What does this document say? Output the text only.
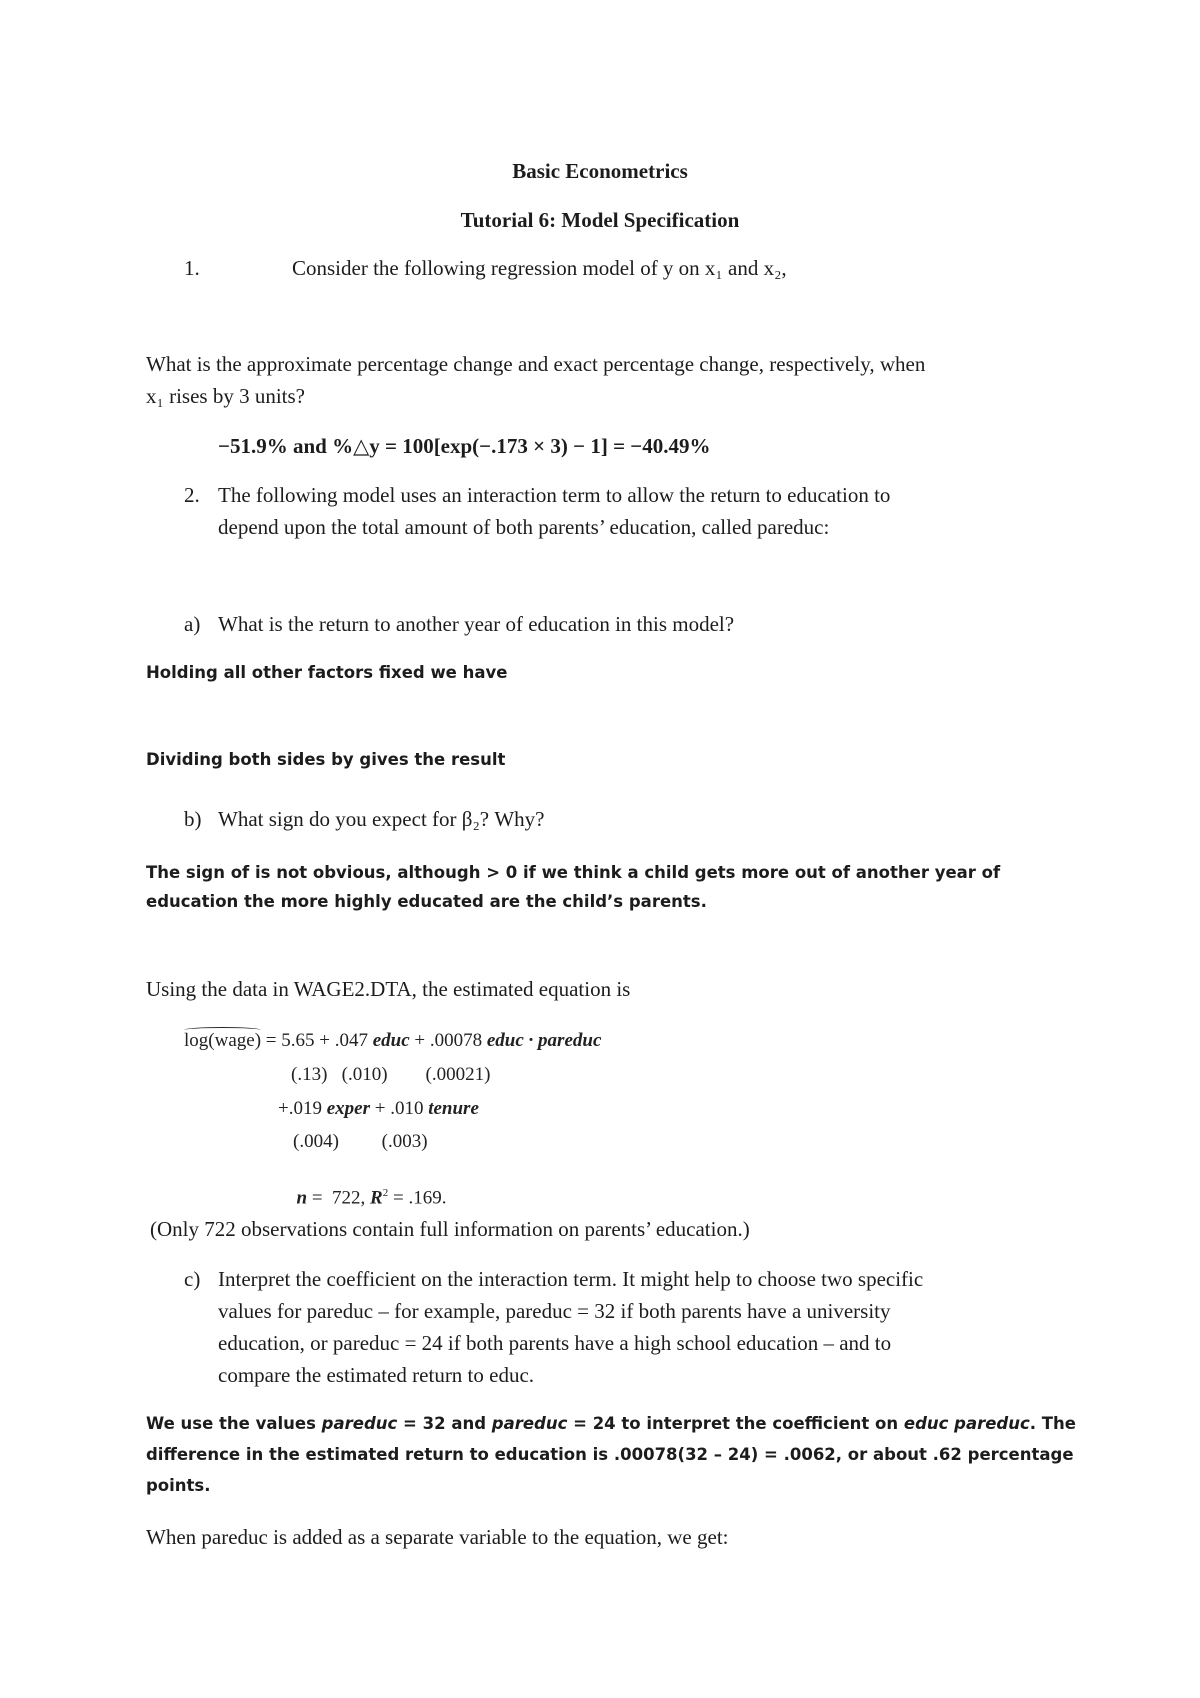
Basic Econometrics
Tutorial 6: Model Specification
1.	Consider the following regression model of y on x₁ and x₂,
What is the approximate percentage change and exact percentage change, respectively, when
x₁ rises by 3 units?
−51.9% and %△y = 100[exp(−.173 × 3) − 1] = −40.49%
2. The following model uses an interaction term to allow the return to education to
depend upon the total amount of both parents’ education, called pareduc:
a) What is the return to another year of education in this model?
Holding all other factors fixed we have
Dividing both sides by gives the result
b) What sign do you expect for β₂? Why?
The sign of is not obvious, although > 0 if we think a child gets more out of another year of
education the more highly educated are the child’s parents.
Using the data in WAGE2.DTA, the estimated equation is
log(wage) = 5.65 + .047 educ + .00078 educ · pareduc
(.13)   (.010)        (.00021)
+.019 exper + .010 tenure
(.004)         (.003)

n =  722, $R^2 = .169$.

(Only 722 observations contain full information on parents’ education.)
c) Interpret the coefficient on the interaction term. It might help to choose two specific
values for pareduc – for example, pareduc = 32 if both parents have a university
education, or pareduc = 24 if both parents have a high school education – and to
compare the estimated return to educ.
We use the values pareduc = 32 and pareduc = 24 to interpret the coefficient on educ pareduc. The
difference in the estimated return to education is .00078(32 – 24) = .0062, or about .62 percentage
points.
When pareduc is added as a separate variable to the equation, we get:
